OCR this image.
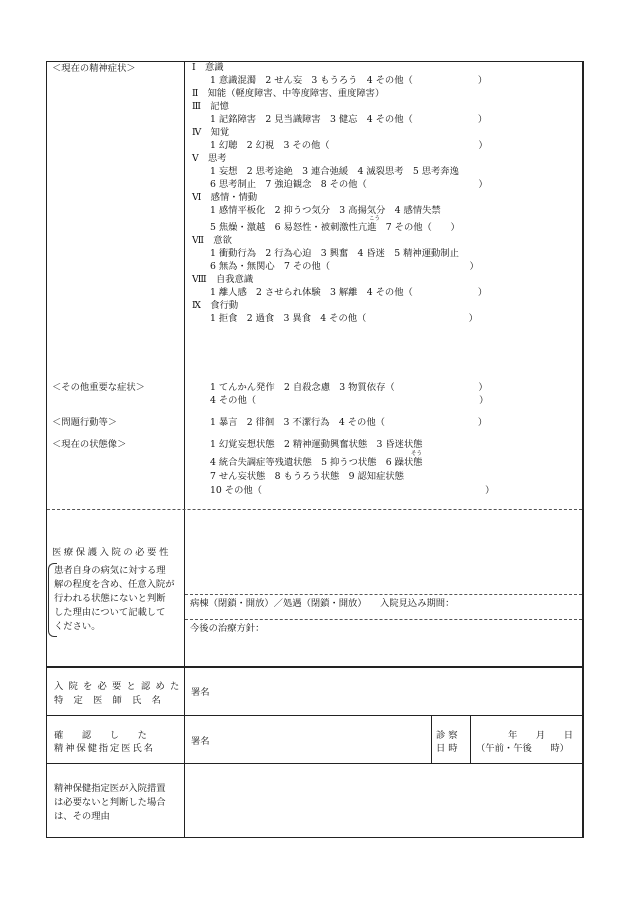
＜現在の精神症状＞
＜その他重要な症状＞
＜問題行動等＞
＜現在の状態像＞
医療保護入院の必要性
患者自身の病気に対する理
解の程度を含め、任意入院が
行われる状態にないと判断
した理由について記載して
ください。
Ⅰ　意識
1 意識混濁　2 せん妄　3 もうろう　4 その他（　　　　　　　）
Ⅱ　知能（軽度障害、中等度障害、重度障害）
Ⅲ　記憶
1 記銘障害　2 見当識障害　3 健忘　4 その他（　　　　　　　）
Ⅳ　知覚
1 幻聴　2 幻視　3 その他（　　　　　　　　　　　　　　　　）
Ⅴ　思考
1 妄想　2 思考途絶　3 連合弛緩　4 滅裂思考　5 思考奔逸
6 思考制止　7 強迫観念　8 その他（　　　　　　　　　　　　）
Ⅵ　感情・情動
1 感情平板化　2 抑うつ気分　3 高揚気分　4 感情失禁
こう
5 焦燥・激越　6 易怒性・被刺激性亢進　7 その他（　　）
Ⅶ　意欲
1 衝動行為　2 行為心迫　3 興奮　4 昏迷　5 精神運動制止
6 無為・無関心　7 その他（　　　　　　　　　　　　　　　）
Ⅷ　自我意識
1 離人感　2 させられ体験　3 解離　4 その他（　　　　　　　）
Ⅸ　食行動
1 拒食　2 過食　3 異食　4 その他（　　　　　　　　　　　）
1 てんかん発作　2 自殺念慮　3 物質依存（　　　　　　　　　）
4 その他（　　　　　　　　　　　　　　　　　　　　　　　　）
1 暴言　2 徘徊　3 不潔行為　4 その他（　　　　　　　　　　）
1 幻覚妄想状態　2 精神運動興奮状態　3 昏迷状態
そう
4 統合失調症等残遺状態　5 抑うつ状態　6 躁状態
7 せん妄状態　8 もうろう状態　9 認知症状態
10 その他（　　　　　　　　　　　　　　　　　　　　　　　　）
病棟（閉鎖・開放）／処遇（閉鎖・開放） 入院見込み期間：
今後の治療方針：
入院を必要と認めた
特定医師氏名
署名
確　　認　　し　　た
精神保健指定医氏名
署名
診 察
日 時
年　　月　　日
（午前・午後　　時）
精神保健指定医が入院措置
は必要ないと判断した場合
は、その理由
